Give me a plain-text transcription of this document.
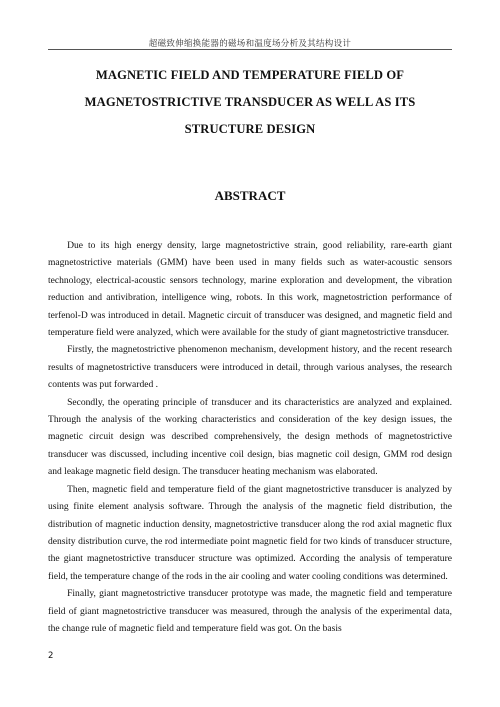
超磁致伸缩换能器的磁场和温度场分析及其结构设计
MAGNETIC FIELD AND TEMPERATURE FIELD OF
MAGNETOSTRICTIVE TRANSDUCER AS WELL AS ITS
STRUCTURE DESIGN
ABSTRACT

Due to its high energy density, large magnetostrictive strain, good reliability, rare-earth giant magnetostrictive materials (GMM) have been used in many fields such as water-acoustic sensors technology, electrical-acoustic sensors technology, marine exploration and development, the vibration reduction and antivibration, intelligence wing, robots. In this work, magnetostriction performance of terfenol-D was introduced in detail. Magnetic circuit of transducer was designed, and magnetic field and temperature field were analyzed, which were available for the study of giant magnetostrictive transducer.

Firstly, the magnetostrictive phenomenon mechanism, development history, and the recent research results of magnetostrictive transducers were introduced in detail, through various analyses, the research contents was put forwarded .

Secondly, the operating principle of transducer and its characteristics are analyzed and explained. Through the analysis of the working characteristics and consideration of the key design issues, the magnetic circuit design was described comprehensively, the design methods of magnetostrictive transducer was discussed, including incentive coil design, bias magnetic coil design, GMM rod design and leakage magnetic field design. The transducer heating mechanism was elaborated.

Then, magnetic field and temperature field of the giant magnetostrictive transducer is analyzed by using finite element analysis software. Through the analysis of the magnetic field distribution, the distribution of magnetic induction density, magnetostrictive transducer along the rod axial magnetic flux density distribution curve, the rod intermediate point magnetic field for two kinds of transducer structure, the giant magnetostrictive transducer structure was optimized. According the analysis of temperature field, the temperature change of the rods in the air cooling and water cooling conditions was determined.

Finally, giant magnetostrictive transducer prototype was made, the magnetic field and temperature field of giant magnetostrictive transducer was measured, through the analysis of the experimental data, the change rule of magnetic field and temperature field was got. On the basis

2
